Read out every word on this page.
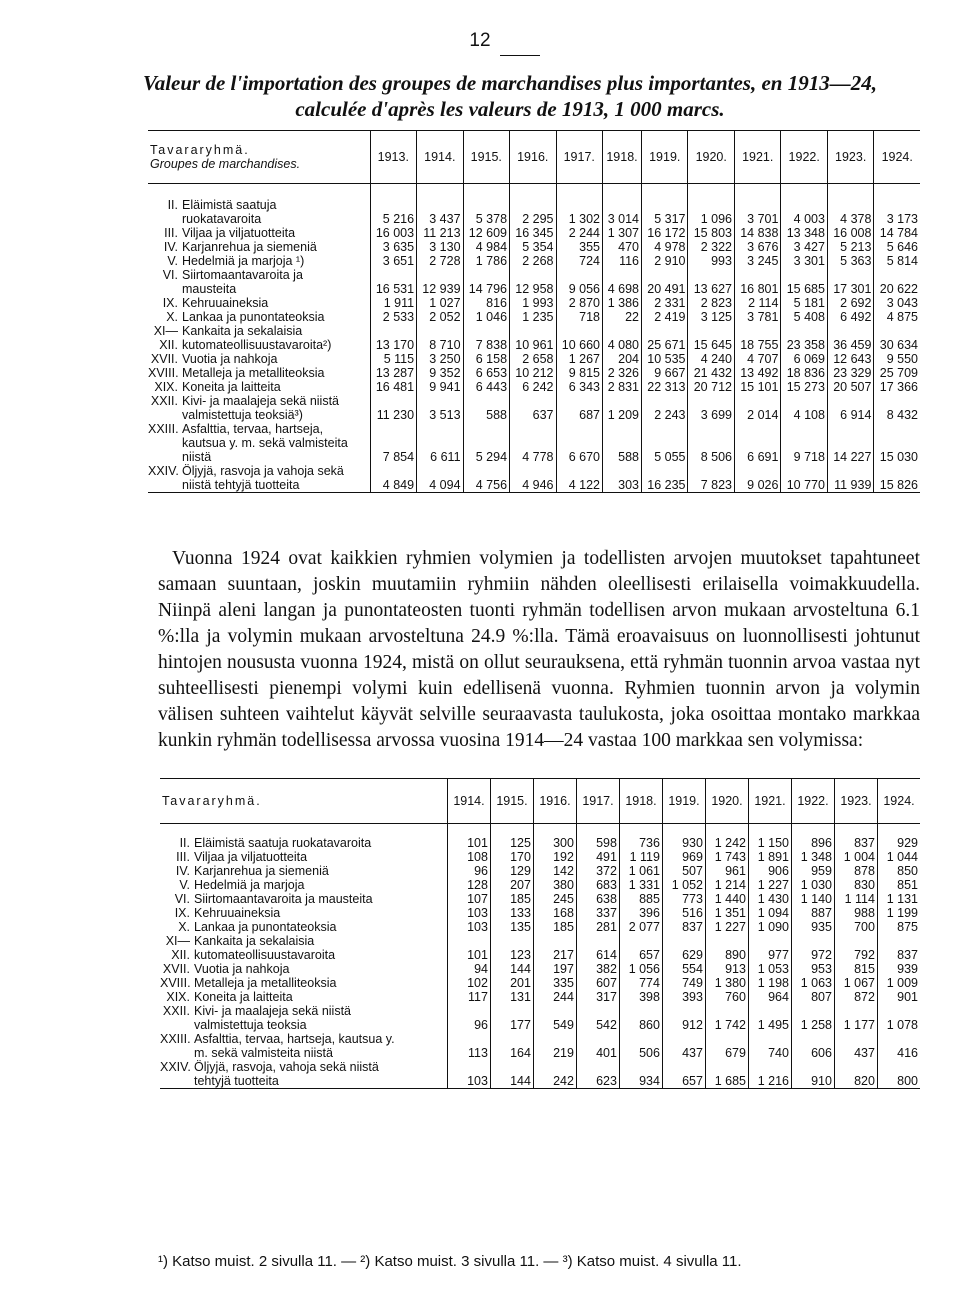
12
Valeur de l'importation des groupes de marchandises plus importantes, en 1913—24,
calculée d'après les valeurs de 1913, 1 000 marcs.
Tavararyhmä.
Groupes de marchandises.	1913.	1914.	1915.	1916.	1917.	1918.	1919.	1920.	1921.	1922.	1923.	1924.
II. Eläimistä saatuja ruokatavaroita	5 216	3 437	5 378	2 295	1 302	3 014	5 317	1 096	3 701	4 003	4 378	3 173
III. Viljaa ja viljatuotteita	16 003	11 213	12 609	16 345	2 244	1 307	16 172	15 803	14 838	13 348	16 008	14 784
IV. Karjanrehua ja siemeniä	3 635	3 130	4 984	5 354	355	470	4 978	2 322	3 676	3 427	5 213	5 646
V. Hedelmiä ja marjoja ¹)	3 651	2 728	1 786	2 268	724	116	2 910	993	3 245	3 301	5 363	5 814
VI. Siirtomaantavaroita ja mausteita	16 531	12 939	14 796	12 958	9 056	4 698	20 491	13 627	16 801	15 685	17 301	20 622
IX. Kehruuaineksia	1 911	1 027	816	1 993	2 870	1 386	2 331	2 823	2 114	5 181	2 692	3 043
X. Lankaa ja punontateoksia	2 533	2 052	1 046	1 235	718	22	2 419	3 125	3 781	5 408	6 492	4 875
XI—XII.Kankaita ja sekalaisia kutomateollisuustavaroita²)	13 170	8 710	7 838	10 961	10 660	4 080	25 671	15 645	18 755	23 358	36 459	30 634
XVII. Vuotia ja nahkoja	5 115	3 250	6 158	2 658	1 267	204	10 535	4 240	4 707	6 069	12 643	9 550
XVIII. Metalleja ja metalliteoksia	13 287	9 352	6 653	10 212	9 815	2 326	9 667	21 432	13 492	18 836	23 329	25 709
XIX. Koneita ja laitteita	16 481	9 941	6 443	6 242	6 343	2 831	22 313	20 712	15 101	15 273	20 507	17 366
XXII. Kivi- ja maalajeja sekä niistä valmistettuja teoksiä³)	11 230	3 513	588	637	687	1 209	2 243	3 699	2 014	4 108	6 914	8 432
XXIII. Asfalttia, tervaa, hartseja, kautsua y. m. sekä valmisteita niistä	7 854	6 611	5 294	4 778	6 670	588	5 055	8 506	6 691	9 718	14 227	15 030
XXIV. Öljyjä, rasvoja ja vahoja sekä niistä tehtyjä tuotteita	4 849	4 094	4 756	4 946	4 122	303	16 235	7 823	9 026	10 770	11 939	15 826
Vuonna 1924 ovat kaikkien ryhmien volymien ja todellisten arvojen muutokset tapahtuneet samaan suuntaan, joskin muutamiin ryhmiin nähden oleellisesti erilaisella voimakkuudella. Niinpä aleni langan ja punontateosten tuonti ryhmän todellisen arvon mukaan arvosteltuna 6.1 %:lla ja volymin mukaan arvosteltuna 24.9 %:lla. Tämä eroavaisuus on luonnollisesti johtunut hintojen noususta vuonna 1924, mistä on ollut seurauksena, että ryhmän tuonnin arvoa vastaa nyt suhteellisesti pienempi volymi kuin edellisenä vuonna. Ryhmien tuonnin arvon ja volymin välisen suhteen vaihtelut käyvät selville seuraavasta taulukosta, joka osoittaa montako markkaa kunkin ryhmän todellisessa arvossa vuosina 1914—24 vastaa 100 markkaa sen volymissa:
Tavararyhmä.	1914.	1915.	1916.	1917.	1918.	1919.	1920.	1921.	1922.	1923.	1924.
II. Eläimistä saatuja ruokatavaroita	101	125	300	598	736	930	1 242	1 150	896	837	929
III. Viljaa ja viljatuotteita	108	170	192	491	1 119	969	1 743	1 891	1 348	1 004	1 044
IV. Karjanrehua ja siemeniä	96	129	142	372	1 061	507	961	906	959	878	850
V. Hedelmiä ja marjoja	128	207	380	683	1 331	1 052	1 214	1 227	1 030	830	851
VI. Siirtomaantavaroita ja mausteita	107	185	245	638	885	773	1 440	1 430	1 140	1 114	1 131
IX. Kehruuaineksia	103	133	168	337	396	516	1 351	1 094	887	988	1 199
X. Lankaa ja punontateoksia	103	135	185	281	2 077	837	1 227	1 090	935	700	875
XI—XII.Kankaita ja sekalaisia kutomateollisuustavaroita	101	123	217	614	657	629	890	977	972	792	837
XVII. Vuotia ja nahkoja	94	144	197	382	1 056	554	913	1 053	953	815	939
XVIII. Metalleja ja metalliteoksia	102	201	335	607	774	749	1 380	1 198	1 063	1 067	1 009
XIX. Koneita ja laitteita	117	131	244	317	398	393	760	964	807	872	901
XXII. Kivi- ja maalajeja sekä niistä valmistettuja teoksia	96	177	549	542	860	912	1 742	1 495	1 258	1 177	1 078
XXIII. Asfalttia, tervaa, hartseja, kautsua y. m. sekä valmisteita niistä	113	164	219	401	506	437	679	740	606	437	416
XXIV. Öljyjä, rasvoja, vahoja sekä niistä tehtyjä tuotteita	103	144	242	623	934	657	1 685	1 216	910	820	800
¹) Katso muist. 2 sivulla 11. — ²) Katso muist. 3 sivulla 11. — ³) Katso muist. 4 sivulla 11.
